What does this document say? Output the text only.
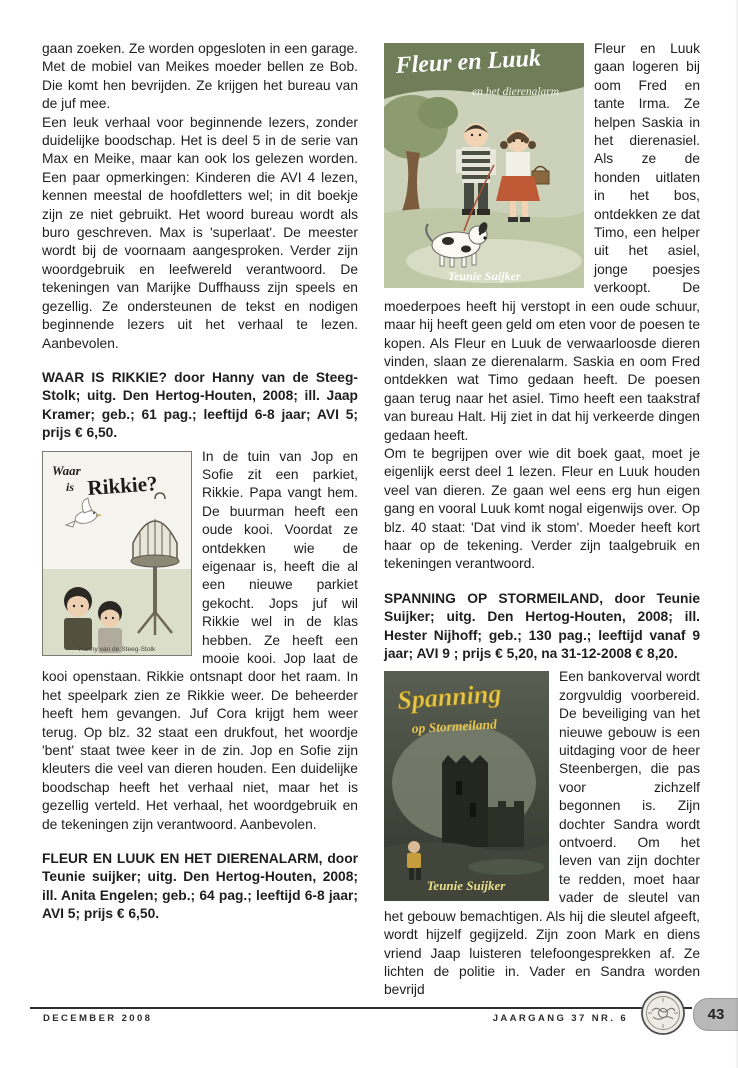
gaan zoeken. Ze worden opgesloten in een garage. Met de mobiel van Meikes moeder bellen ze Bob. Die komt hen bevrijden. Ze krijgen het bureau van de juf mee.

Een leuk verhaal voor beginnende lezers, zonder duidelijke boodschap. Het is deel 5 in de serie van Max en Meike, maar kan ook los gelezen worden. Een paar opmerkingen: Kinderen die AVI 4 lezen, kennen meestal de hoofdletters wel; in dit boekje zijn ze niet gebruikt. Het woord bureau wordt als buro geschreven. Max is 'superlaat'. De meester wordt bij de voornaam aangesproken. Verder zijn woordgebruik en leefwereld verantwoord. De tekeningen van Marijke Duffhauss zijn speels en gezellig. Ze ondersteunen de tekst en nodigen beginnende lezers uit het verhaal te lezen. Aanbevolen.

WAAR IS RIKKIE? door Hanny van de Steeg-Stolk; uitg. Den Hertog-Houten, 2008; ill. Jaap Kramer; geb.; 61 pag.; leeftijd 6-8 jaar; AVI 5; prijs € 6,50.
Waar
is Rikkie?
Hanny van de Steeg-Stolk

In de tuin van Jop en Sofie zit een parkiet, Rikkie. Papa vangt hem. De buurman heeft een oude kooi. Voordat ze ontdekken wie de eigenaar is, heeft die al een nieuwe parkiet gekocht. Jops juf wil Rikkie wel in de klas hebben. Ze heeft een mooie kooi. Jop laat de kooi openstaan. Rikkie ontsnapt door het raam. In het speelpark zien ze Rikkie weer. De beheerder heeft hem gevangen. Juf Cora krijgt hem weer terug. Op blz. 32 staat een drukfout, het woordje 'bent' staat twee keer in de zin. Jop en Sofie zijn kleuters die veel van dieren houden. Een duidelijke boodschap heeft het verhaal niet, maar het is gezellig verteld. Het verhaal, het woordgebruik en de tekeningen zijn verantwoord. Aanbevolen.

FLEUR EN LUUK EN HET DIERENALARM, door Teunie suijker; uitg. Den Hertog-Houten, 2008; ill. Anita Engelen; geb.; 64 pag.; leeftijd 6-8 jaar; AVI 5; prijs € 6,50.
Fleur en Luuk
en het dierenalarm
Teunie Suijker

Fleur en Luuk gaan logeren bij oom Fred en tante Irma. Ze helpen Saskia in het dierenasiel. Als ze de honden uitlaten in het bos, ontdekken ze dat Timo, een helper uit het asiel, jonge poesjes verkoopt. De moederpoes heeft hij verstopt in een oude schuur, maar hij heeft geen geld om eten voor de poesen te kopen. Als Fleur en Luuk de verwaarloosde dieren vinden, slaan ze dierenalarm. Saskia en oom Fred ontdekken wat Timo gedaan heeft. De poesen gaan terug naar het asiel. Timo heeft een taakstraf van bureau Halt. Hij ziet in dat hij verkeerde dingen gedaan heeft.

Om te begrijpen over wie dit boek gaat, moet je eigenlijk eerst deel 1 lezen. Fleur en Luuk houden veel van dieren. Ze gaan wel eens erg hun eigen gang en vooral Luuk komt nogal eigenwijs over. Op blz. 40 staat: 'Dat vind ik stom'. Moeder heeft kort haar op de tekening. Verder zijn taalgebruik en tekeningen verantwoord.

SPANNING OP STORMEILAND, door Teunie Suijker; uitg. Den Hertog-Houten, 2008; ill. Hester Nijhoff; geb.; 130 pag.; leeftijd vanaf 9 jaar; AVI 9 ; prijs € 5,20, na 31-12-2008 € 8,20.
Spanning
op Stormeiland
Teunie Suijker

Een bankoverval wordt zorgvuldig voorbereid. De beveiliging van het nieuwe gebouw is een uitdaging voor de heer Steenbergen, die pas voor zichzelf begonnen is. Zijn dochter Sandra wordt ontvoerd. Om het leven van zijn dochter te redden, moet haar vader de sleutel van het gebouw bemachtigen. Als hij die sleutel afgeeft, wordt hijzelf gegijzeld. Zijn zoon Mark en diens vriend Jaap luisteren telefoongesprekken af. Ze lichten de politie in. Vader en Sandra worden bevrijd

DECEMBER 2008	JAARGANG 37 NR. 6	43
